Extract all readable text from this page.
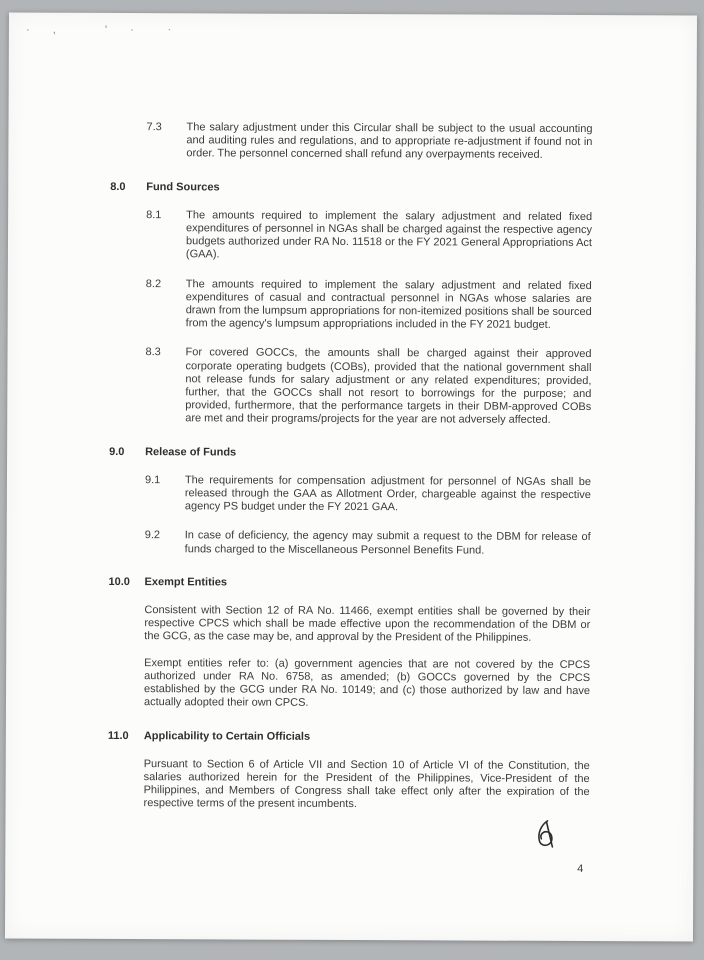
· ,   ' ·	`
7.3	The salary adjustment under this Circular shall be subject to the usual accounting and auditing rules and regulations, and to appropriate re-adjustment if found not in order. The personnel concerned shall refund any overpayments received.
8.0	Fund Sources
8.1	The amounts required to implement the salary adjustment and related fixed expenditures of personnel in NGAs shall be charged against the respective agency budgets authorized under RA No. 11518 or the FY 2021 General Appropriations Act (GAA).
8.2	The amounts required to implement the salary adjustment and related fixed expenditures of casual and contractual personnel in NGAs whose salaries are drawn from the lumpsum appropriations for non-itemized positions shall be sourced from the agency's lumpsum appropriations included in the FY 2021 budget.
8.3	For covered GOCCs, the amounts shall be charged against their approved corporate operating budgets (COBs), provided that the national government shall not release funds for salary adjustment or any related expenditures; provided, further, that the GOCCs shall not resort to borrowings for the purpose; and provided, furthermore, that the performance targets in their DBM-approved COBs are met and their programs/projects for the year are not adversely affected.
9.0	Release of Funds
9.1	The requirements for compensation adjustment for personnel of NGAs shall be released through the GAA as Allotment Order, chargeable against the respective agency PS budget under the FY 2021 GAA.
9.2	In case of deficiency, the agency may submit a request to the DBM for release of funds charged to the Miscellaneous Personnel Benefits Fund.
10.0	Exempt Entities
Consistent with Section 12 of RA No. 11466, exempt entities shall be governed by their respective CPCS which shall be made effective upon the recommendation of the DBM or the GCG, as the case may be, and approval by the President of the Philippines.
Exempt entities refer to: (a) government agencies that are not covered by the CPCS authorized under RA No. 6758, as amended; (b) GOCCs governed by the CPCS established by the GCG under RA No. 10149; and (c) those authorized by law and have actually adopted their own CPCS.
11.0	Applicability to Certain Officials
Pursuant to Section 6 of Article VII and Section 10 of Article VI of the Constitution, the salaries authorized herein for the President of the Philippines, Vice-President of the Philippines, and Members of Congress shall take effect only after the expiration of the respective terms of the present incumbents.
4
